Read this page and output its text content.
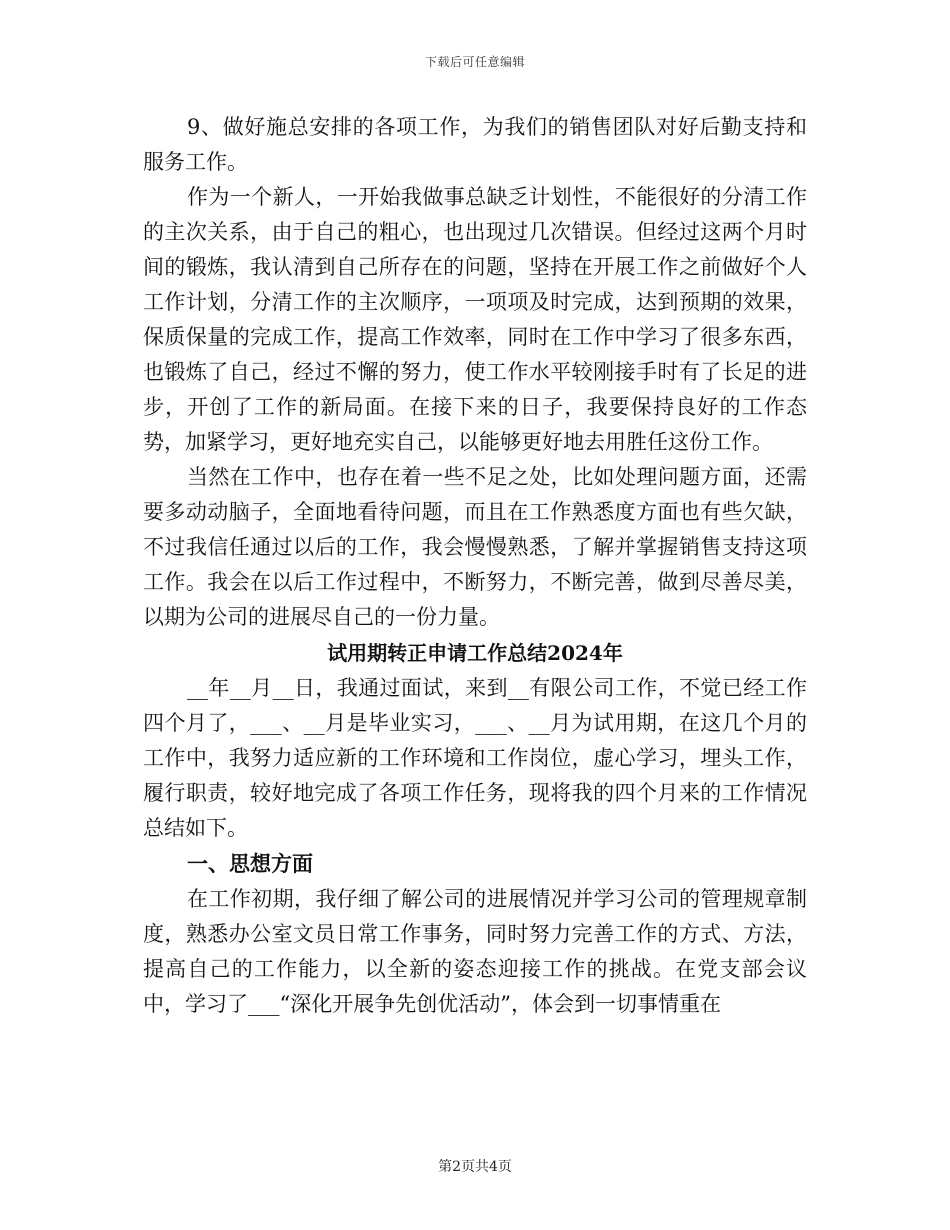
下载后可任意编辑

9、做好施总安排的各项工作，为我们的销售团队对好后勤支持和服务工作。

作为一个新人，一开始我做事总缺乏计划性，不能很好的分清工作的主次关系，由于自己的粗心，也出现过几次错误。但经过这两个月时间的锻炼，我认清到自己所存在的问题，坚持在开展工作之前做好个人工作计划，分清工作的主次顺序，一项项及时完成，达到预期的效果，保质保量的完成工作，提高工作效率，同时在工作中学习了很多东西，也锻炼了自己，经过不懈的努力，使工作水平较刚接手时有了长足的进步，开创了工作的新局面。在接下来的日子，我要保持良好的工作态势，加紧学习，更好地充实自己，以能够更好地去用胜任这份工作。

当然在工作中，也存在着一些不足之处，比如处理问题方面，还需要多动动脑子，全面地看待问题，而且在工作熟悉度方面也有些欠缺，不过我信任通过以后的工作，我会慢慢熟悉，了解并掌握销售支持这项工作。我会在以后工作过程中，不断努力，不断完善，做到尽善尽美，以期为公司的进展尽自己的一份力量。

试用期转正申请工作总结2024年

__年__月__日，我通过面试，来到__有限公司工作，不觉已经工作四个月了，___、__月是毕业实习，___、__月为试用期，在这几个月的工作中，我努力适应新的工作环境和工作岗位，虚心学习，埋头工作，履行职责，较好地完成了各项工作任务，现将我的四个月来的工作情况总结如下。

一、思想方面

在工作初期，我仔细了解公司的进展情况并学习公司的管理规章制度，熟悉办公室文员日常工作事务，同时努力完善工作的方式、方法，提高自己的工作能力，以全新的姿态迎接工作的挑战。在党支部会议中，学习了___“深化开展争先创优活动”，体会到一切事情重在

第2页共4页
